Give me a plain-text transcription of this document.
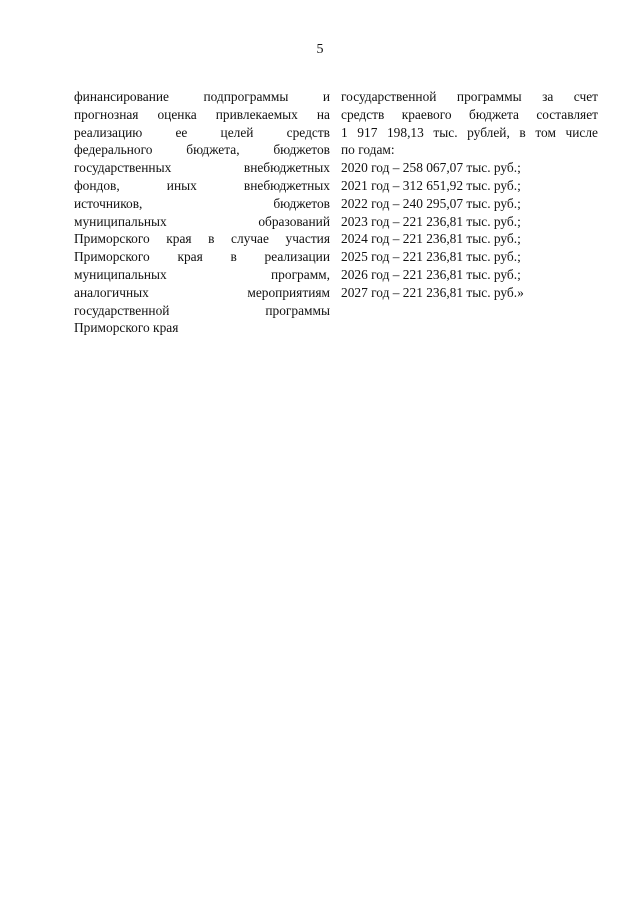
5
финансирование подпрограммы и
прогнозная оценка привлекаемых на
реализацию ее целей средств
федерального бюджета, бюджетов
государственных внебюджетных
фондов, иных внебюджетных
источников, бюджетов
муниципальных образований
Приморского края в случае участия
Приморского края в реализации
муниципальных программ,
аналогичных мероприятиям
государственной программы
Приморского края
государственной программы за счет
средств краевого бюджета составляет
1 917 198,13 тыс. рублей, в том числе
по годам:
2020 год – 258 067,07 тыс. руб.;
2021 год – 312 651,92 тыс. руб.;
2022 год – 240 295,07 тыс. руб.;
2023 год – 221 236,81 тыс. руб.;
2024 год – 221 236,81 тыс. руб.;
2025 год – 221 236,81 тыс. руб.;
2026 год – 221 236,81 тыс. руб.;
2027 год – 221 236,81 тыс. руб.»
